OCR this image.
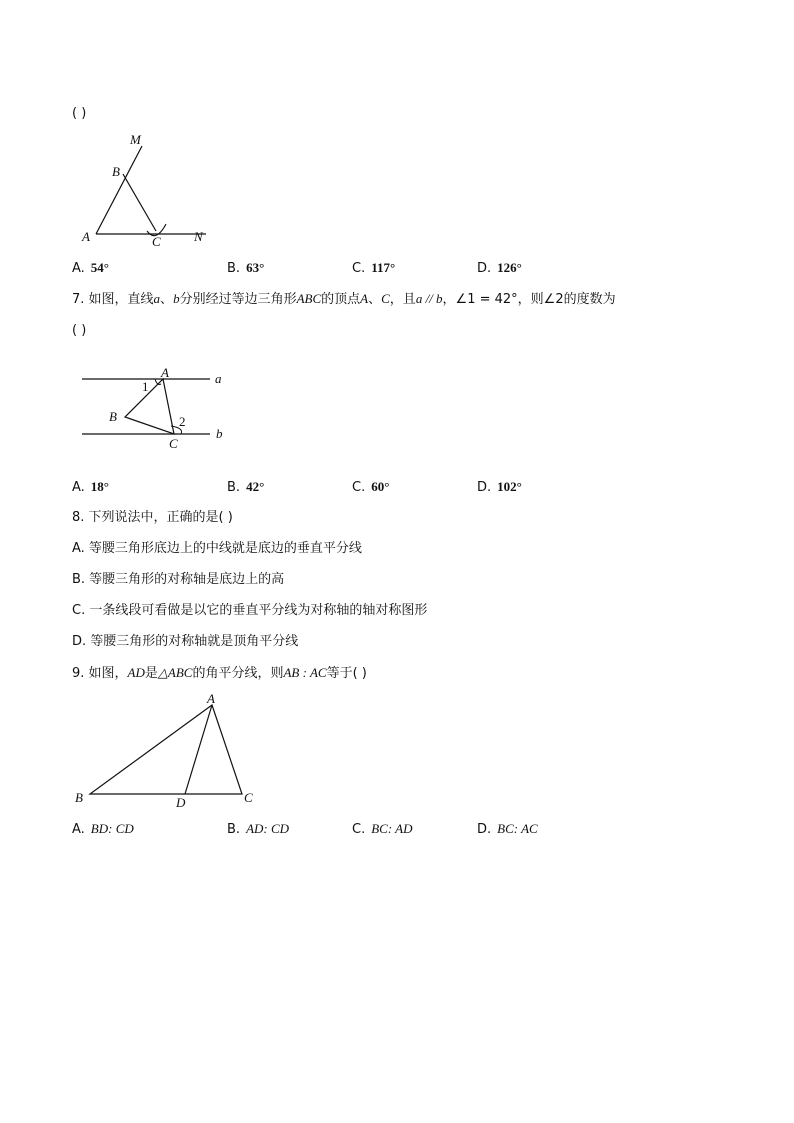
( )
M
B
A	C	N
A. 54°	B. 63°	C. 117°	D. 126°
7. 如图，直线a、b分别经过等边三角形ABC的顶点A、C，且a // b，∠1 = 42°，则∠2的度数为
( )
A	a
1
B	2
C
b
A. 18°	B. 42°	C. 60°	D. 102°
8. 下列说法中，正确的是( )
A. 等腰三角形底边上的中线就是底边的垂直平分线
B. 等腰三角形的对称轴是底边上的高
C. 一条线段可看做是以它的垂直平分线为对称轴的轴对称图形
D. 等腰三角形的对称轴就是顶角平分线
9. 如图，AD是△ABC的角平分线，则AB : AC等于( )
A
B	D	C
A. BD: CD	B. AD: CD	C. BC: AD	D. BC: AC
